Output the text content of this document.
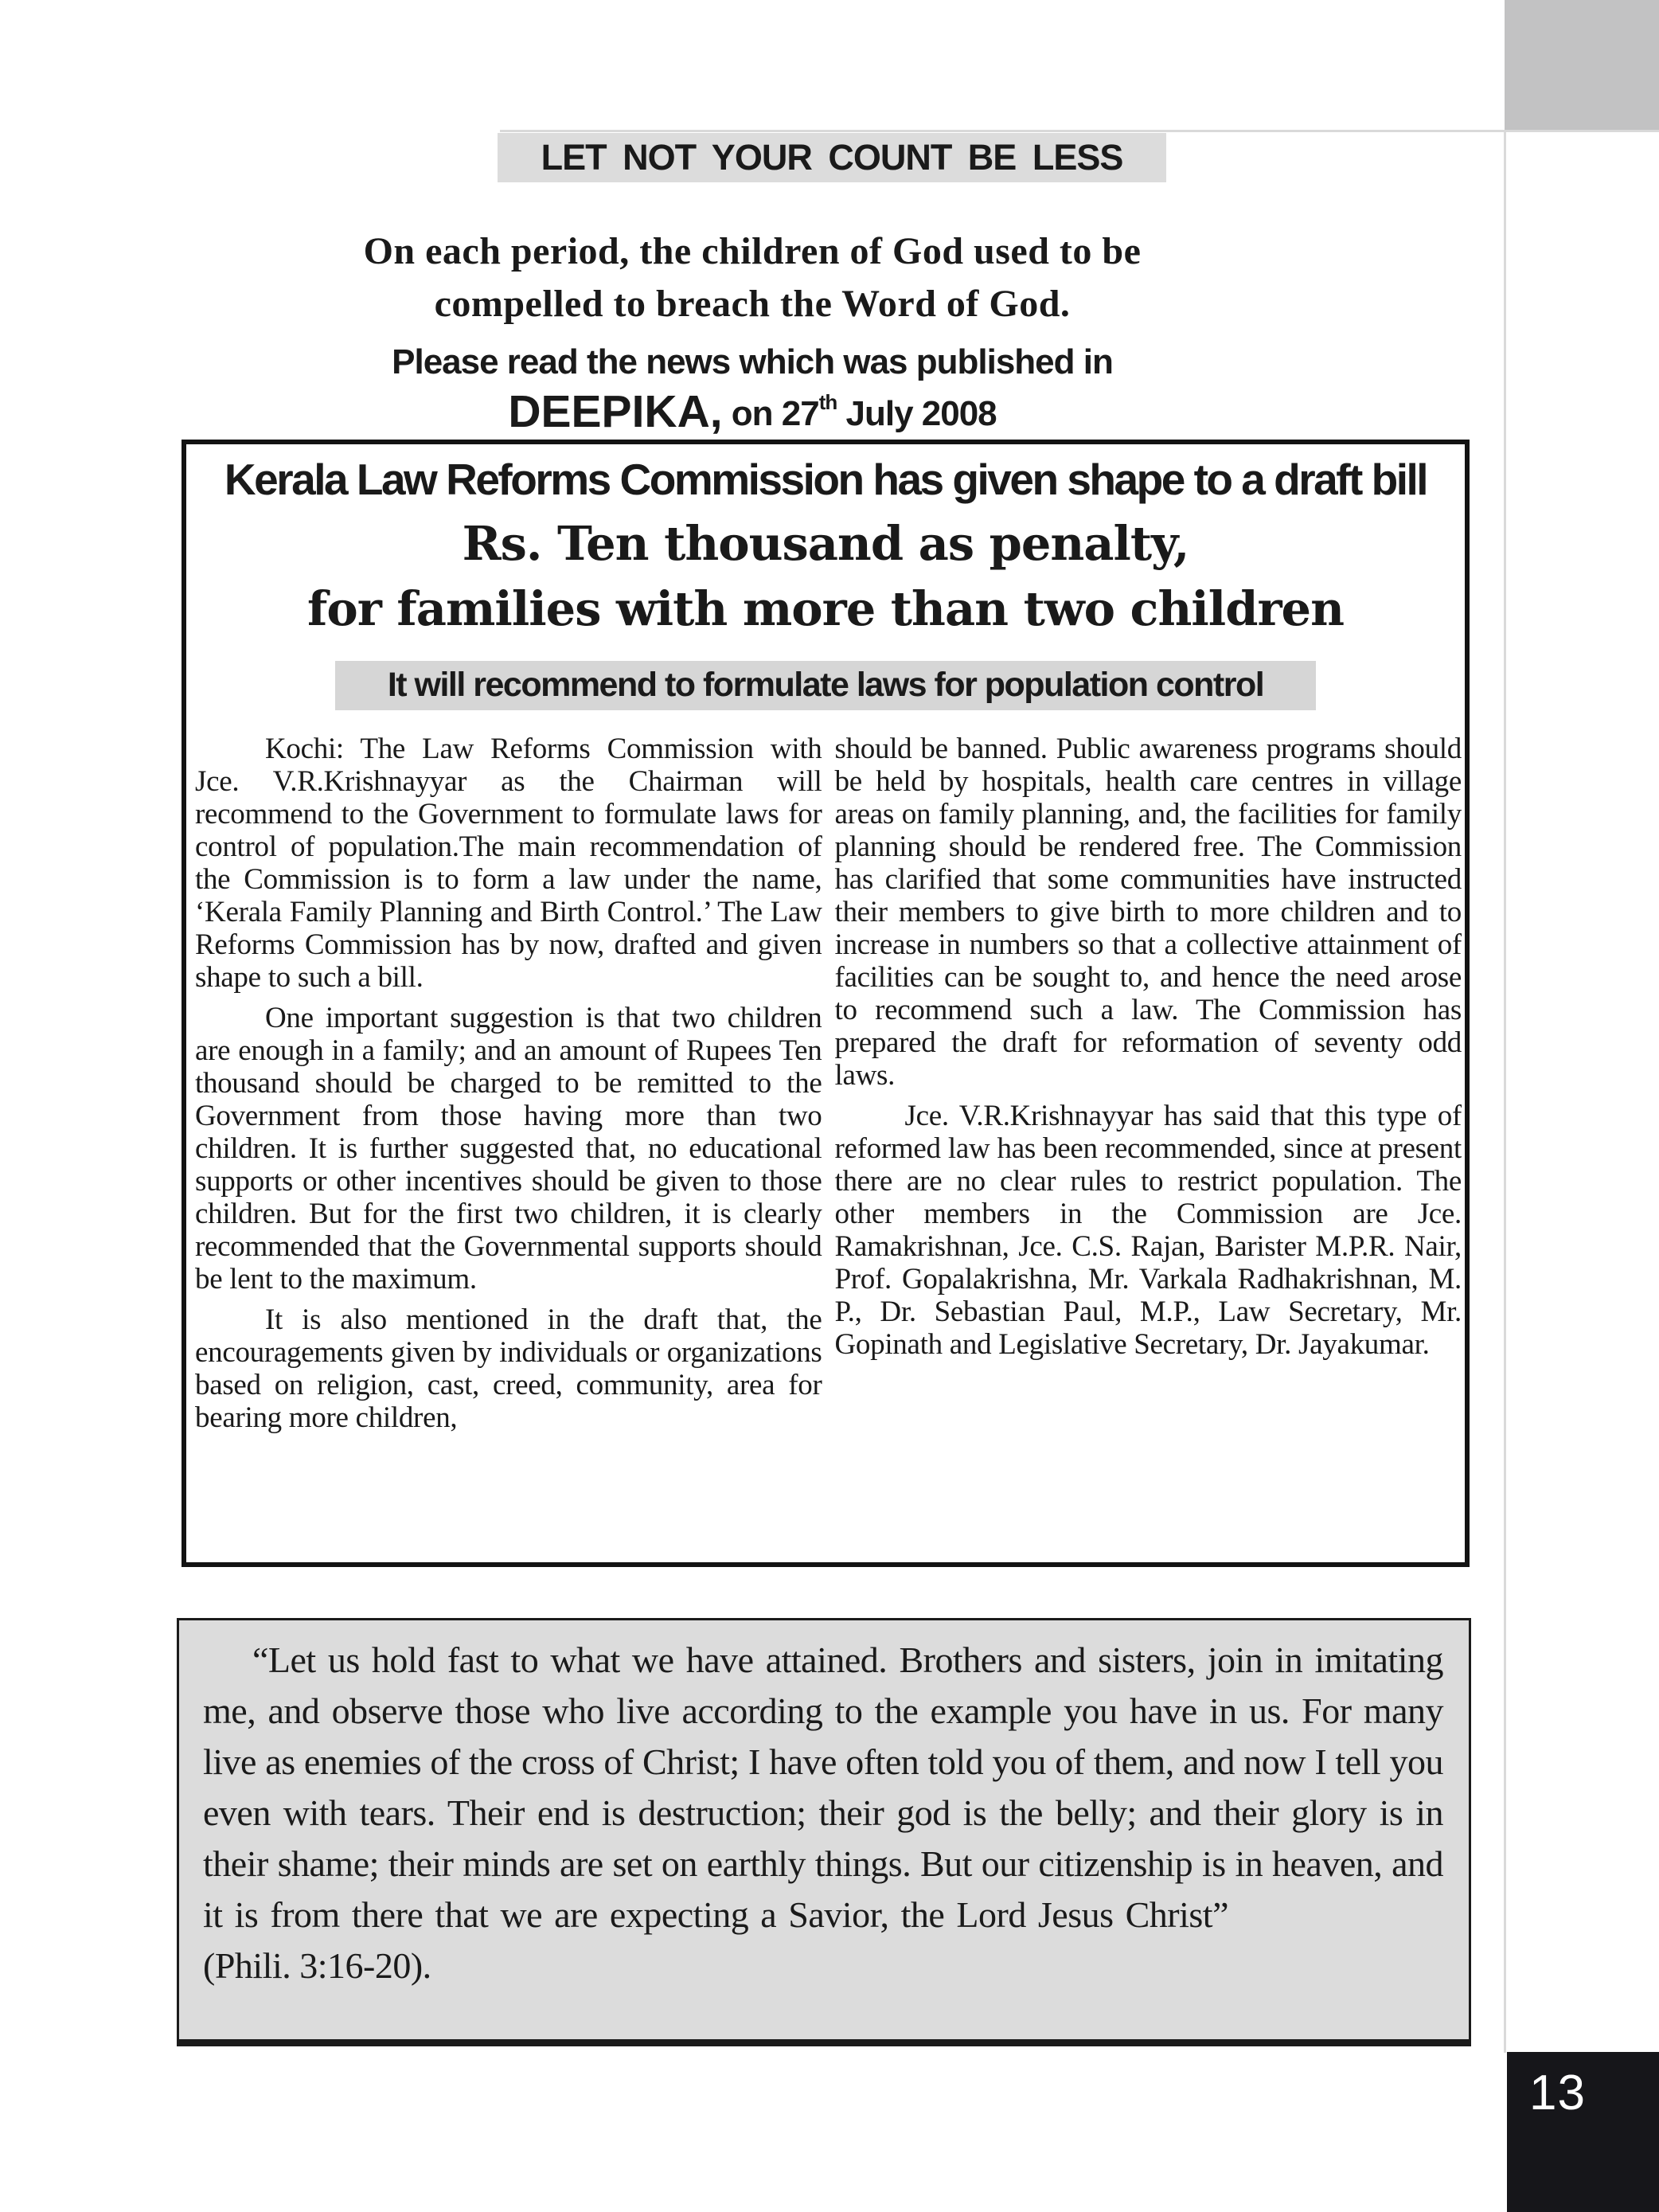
LET NOT YOUR COUNT BE LESS
On each period, the children of God used to be
compelled to breach the Word of God.
Please read the news which was published in
DEEPIKA, on 27th July 2008
Kerala Law Reforms Commission has given shape to a draft bill
Rs. Ten thousand as penalty,
for families with more than two children
It will recommend to formulate laws for population control

Kochi: The Law Reforms Commission with Jce. V.R.Krishnayyar as the Chairman will recommend to the Government to formulate laws for control of population.The main recommendation of the Commission is to form a law under the name, ‘Kerala Family Planning and Birth Control.’ The Law Reforms Commission has by now, drafted and given shape to such a bill.

One important suggestion is that two children are enough in a family; and an amount of Rupees Ten thousand should be charged to be remitted to the Government from those having more than two children. It is further suggested that, no educational supports or other incentives should be given to those children. But for the first two children, it is clearly recommended that the Governmental supports should be lent to the maximum.

It is also mentioned in the draft that, the encouragements given by individuals or organizations based on religion, cast, creed, community, area for bearing more children,

should be banned. Public awareness programs should be held by hospitals, health care centres in village areas on family planning, and, the facilities for family planning should be rendered free. The Commission has clarified that some communities have instructed their members to give birth to more children and to increase in numbers so that a collective attainment of facilities can be sought to, and hence the need arose to recommend such a law. The Commission has prepared the draft for reformation of seventy odd laws.

Jce. V.R.Krishnayyar has said that this type of reformed law has been recommended, since at present there are no clear rules to restrict population. The other members in the Commission are Jce. Ramakrishnan, Jce. C.S. Rajan, Barister M.P.R. Nair, Prof. Gopalakrishna, Mr. Varkala Radhakrishnan, M. P., Dr. Sebastian Paul, M.P., Law Secretary, Mr. Gopinath and Legislative Secretary, Dr. Jayakumar.

“Let us hold fast to what we have attained. Brothers and sisters, join in imitating me, and observe those who live according to the example you have in us. For many live as enemies of the cross of Christ; I have often told you of them, and now I tell you even with tears. Their end is destruction; their god is the belly; and their glory is in their shame; their minds are set on earthly things. But our citizenship is in heaven, and it is from there that we are expecting a Savior, the Lord Jesus Christ”(Phili. 3:16-20).

13
